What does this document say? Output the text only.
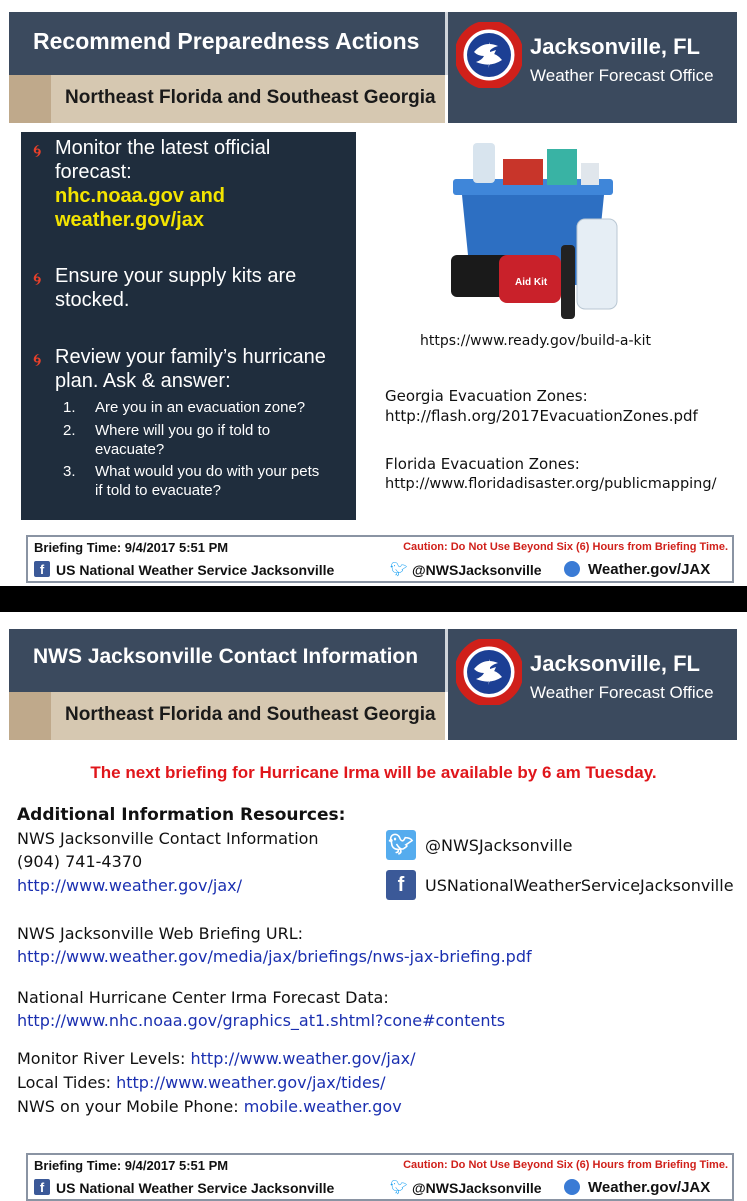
Recommend Preparedness Actions
Northeast Florida and Southeast Georgia
Jacksonville, FL
Weather Forecast Office
🌀︎ Monitor the latest official forecast:
nhc.noaa.gov and
weather.gov/jax
🌀︎ Ensure your supply kits are stocked.
🌀︎ Review your family’s hurricane plan. Ask & answer:
1.	Are you in an evacuation zone?
2.	Where will you go if told to evacuate?
3.	What would you do with your pets if told to evacuate?
Aid Kit
https://www.ready.gov/build-a-kit
Georgia Evacuation Zones:
http://flash.org/2017EvacuationZones.pdf
Florida Evacuation Zones:
http://www.floridadisaster.org/publicmapping/
Briefing Time: 9/4/2017 5:51 PM	Caution: Do Not Use Beyond Six (6) Hours from Briefing Time.
f US National Weather Service Jacksonville	🐦︎ @NWSJacksonville	Weather.gov/JAX
NWS Jacksonville Contact Information
Northeast Florida and Southeast Georgia
Jacksonville, FL
Weather Forecast Office
The next briefing for Hurricane Irma will be available by 6 am Tuesday.
Additional Information Resources:
NWS Jacksonville Contact Information
(904) 741-4370
http://www.weather.gov/jax/
🐦︎ @NWSJacksonville
f	USNationalWeatherServiceJacksonville
NWS Jacksonville Web Briefing URL:
http://www.weather.gov/media/jax/briefings/nws-jax-briefing.pdf
National Hurricane Center Irma Forecast Data:
http://www.nhc.noaa.gov/graphics_at1.shtml?cone#contents
Monitor River Levels: http://www.weather.gov/jax/
Local Tides: http://www.weather.gov/jax/tides/
NWS on your Mobile Phone: mobile.weather.gov
Briefing Time: 9/4/2017 5:51 PM	Caution: Do Not Use Beyond Six (6) Hours from Briefing Time.
f US National Weather Service Jacksonville	🐦︎ @NWSJacksonville	Weather.gov/JAX
